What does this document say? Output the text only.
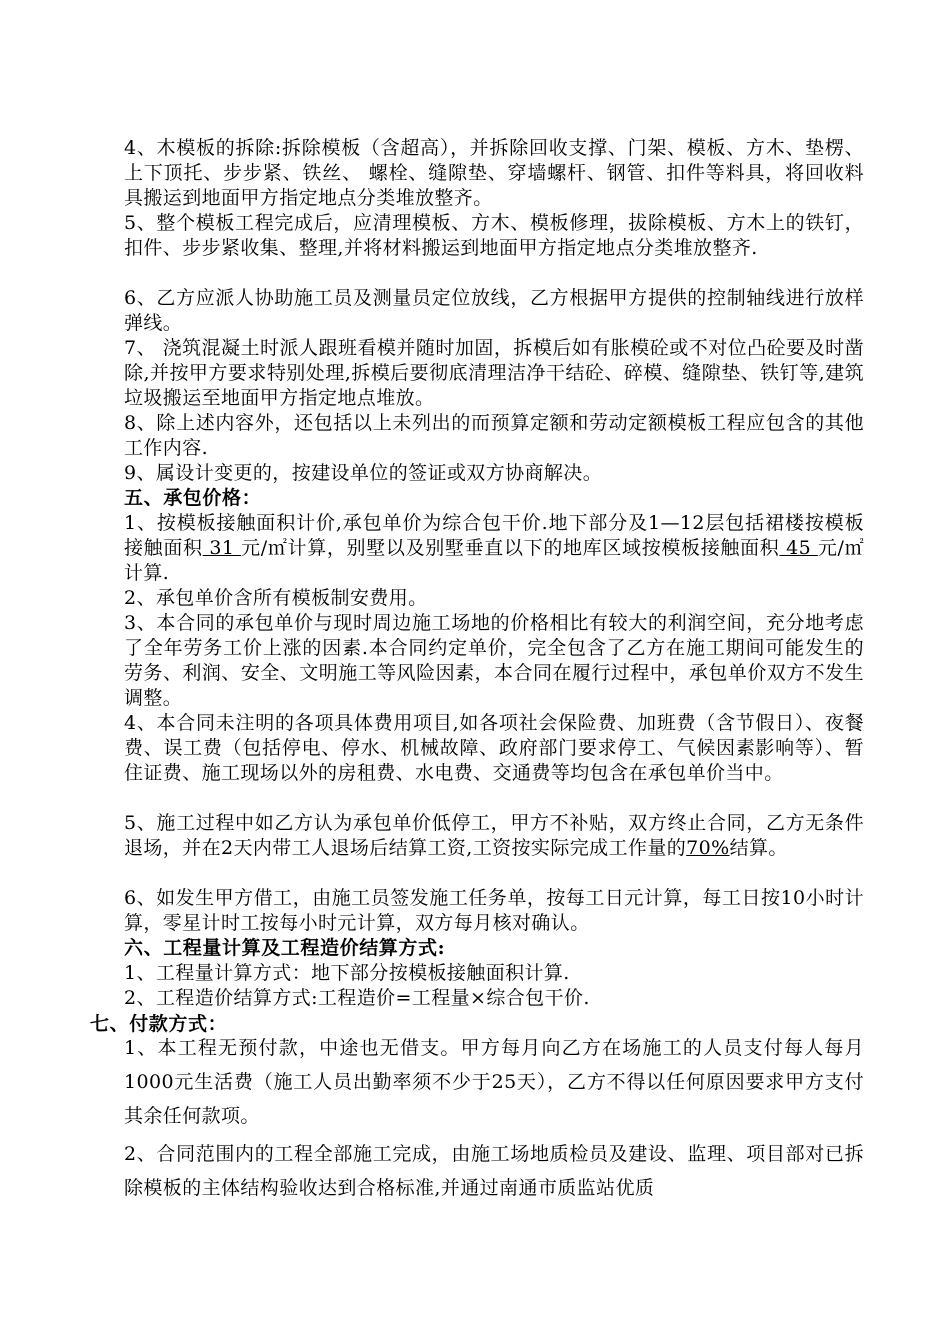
4、木模板的拆除:拆除模板（含超高），并拆除回收支撑、门架、模板、方木、垫楞、上下顶托、步步紧、铁丝、 螺栓、缝隙垫、穿墙螺杆、钢管、扣件等料具，将回收料具搬运到地面甲方指定地点分类堆放整齐。

5、整个模板工程完成后，应清理模板、方木、模板修理，拔除模板、方木上的铁钉，扣件、步步紧收集、整理,并将材料搬运到地面甲方指定地点分类堆放整齐.

6、乙方应派人协助施工员及测量员定位放线，乙方根据甲方提供的控制轴线进行放样弹线。

7、 浇筑混凝土时派人跟班看模并随时加固，拆模后如有胀模砼或不对位凸砼要及时凿除,并按甲方要求特别处理,拆模后要彻底清理洁净干结砼、碎模、缝隙垫、铁钉等,建筑垃圾搬运至地面甲方指定地点堆放。

8、除上述内容外，还包括以上未列出的而预算定额和劳动定额模板工程应包含的其他工作内容.

9、属设计变更的，按建设单位的签证或双方协商解决。

五、承包价格：

1、按模板接触面积计价,承包单价为综合包干价.地下部分及1—12层包括裙楼按模板接触面积 31 元/㎡计算，别墅以及别墅垂直以下的地库区域按模板接触面积 45 元/㎡计算.

2、承包单价含所有模板制安费用。

3、本合同的承包单价与现时周边施工场地的价格相比有较大的利润空间，充分地考虑了全年劳务工价上涨的因素.本合同约定单价，完全包含了乙方在施工期间可能发生的劳务、利润、安全、文明施工等风险因素，本合同在履行过程中，承包单价双方不发生调整。

4、本合同未注明的各项具体费用项目,如各项社会保险费、加班费（含节假日）、夜餐费、误工费（包括停电、停水、机械故障、政府部门要求停工、气候因素影响等）、暂住证费、施工现场以外的房租费、水电费、交通费等均包含在承包单价当中。

5、施工过程中如乙方认为承包单价低停工，甲方不补贴，双方终止合同，乙方无条件退场，并在2天内带工人退场后结算工资,工资按实际完成工作量的70%结算。

6、如发生甲方借工，由施工员签发施工任务单，按每工日元计算，每工日按10小时计算，零星计时工按每小时元计算，双方每月核对确认。

六、工程量计算及工程造价结算方式:

1、工程量计算方式：地下部分按模板接触面积计算.

2、工程造价结算方式:工程造价=工程量×综合包干价.

七、付款方式：

1、本工程无预付款，中途也无借支。甲方每月向乙方在场施工的人员支付每人每月1000元生活费（施工人员出勤率须不少于25天），乙方不得以任何原因要求甲方支付其余任何款项。

2、合同范围内的工程全部施工完成，由施工场地质检员及建设、监理、项目部对已拆除模板的主体结构验收达到合格标准,并通过南通市质监站优质
